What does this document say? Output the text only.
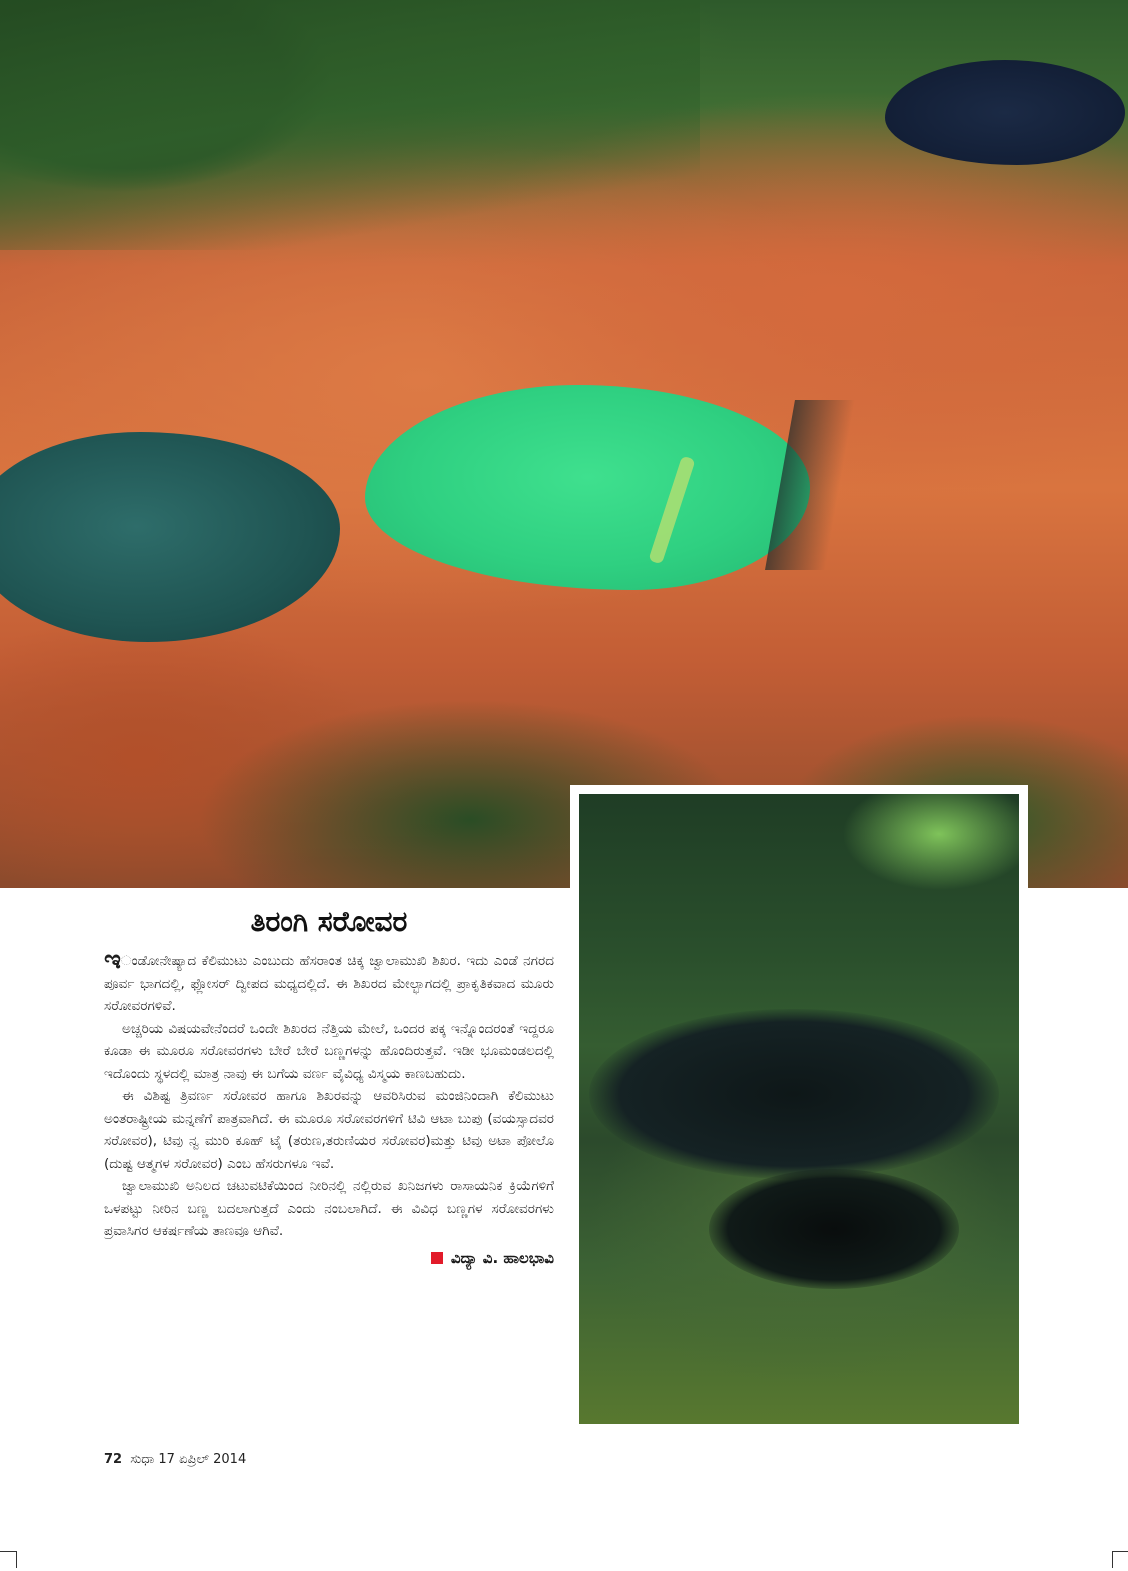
ತಿರಂಗಿ ಸರೋವರ

ಇಂಡೋನೇಷ್ಯಾದ ಕೆಲಿಮುಟು ಎಂಬುದು ಹೆಸರಾಂತ ಚಿಕ್ಕ ಜ್ವಾಲಾಮುಖಿ ಶಿಖರ. ಇದು ಎಂಡೆ ನಗರದ ಪೂರ್ವ ಭಾಗದಲ್ಲಿ, ಫ್ಲೋಸರ್ ದ್ವೀಪದ ಮಧ್ಯದಲ್ಲಿದೆ. ಈ ಶಿಖರದ ಮೇಲ್ಭಾಗದಲ್ಲಿ ಪ್ರಾಕೃತಿಕವಾದ ಮೂರು ಸರೋವರಗಳಿವೆ.

ಅಚ್ಚರಿಯ ವಿಷಯವೇನೆಂದರೆ ಒಂದೇ ಶಿಖರದ ನೆತ್ತಿಯ ಮೇಲೆ, ಒಂದರ ಪಕ್ಕ ಇನ್ನೊಂದರಂತೆ ಇದ್ದರೂ ಕೂಡಾ ಈ ಮೂರೂ ಸರೋವರಗಳು ಬೇರೆ ಬೇರೆ ಬಣ್ಣಗಳನ್ನು ಹೊಂದಿರುತ್ತವೆ. ಇಡೀ ಭೂಮಂಡಲದಲ್ಲಿ ಇದೊಂದು ಸ್ಥಳದಲ್ಲಿ ಮಾತ್ರ ನಾವು ಈ ಬಗೆಯ ವರ್ಣ ವೈವಿಧ್ಯ ವಿಸ್ಮಯ ಕಾಣಬಹುದು.

ಈ ವಿಶಿಷ್ಟ ತ್ರಿವರ್ಣ ಸರೋವರ ಹಾಗೂ ಶಿಖರವನ್ನು ಆವರಿಸಿರುವ ಮಂಜಿನಿಂದಾಗಿ ಕೆಲಿಮುಟು ಅಂತರಾಷ್ಟ್ರೀಯ ಮನ್ನಣೆಗೆ ಪಾತ್ರವಾಗಿದೆ. ಈ ಮೂರೂ ಸರೋವರಗಳಿಗೆ ಟಿವಿ ಆಟಾ ಬುಪು (ವಯಸ್ಸಾದವರ ಸರೋವರ), ಟಿವು ನ್ವ ಮುರಿ ಕೂಹ್ ಟೈ (ತರುಣ,ತರುಣಿಯರ ಸರೋವರ)ಮತ್ತು ಟಿವು ಅಟಾ ಪೋಲೊ (ದುಷ್ಟ ಆತ್ಮಗಳ ಸರೋವರ) ಎಂಬ ಹೆಸರುಗಳೂ ಇವೆ.

ಜ್ವಾಲಾಮುಖಿ ಅನಿಲದ ಚಟುವಟಿಕೆಯಿಂದ ನೀರಿನಲ್ಲಿ ನಲ್ಲಿರುವ ಖನಿಜಗಳು ರಾಸಾಯನಿಕ ಕ್ರಿಯೆಗಳಿಗೆ ಒಳಪಟ್ಟು ನೀರಿನ ಬಣ್ಣ ಬದಲಾಗುತ್ತದೆ ಎಂದು ನಂಬಲಾಗಿದೆ. ಈ ವಿವಿಧ ಬಣ್ಣಗಳ ಸರೋವರಗಳು ಪ್ರವಾಸಿಗರ ಆಕರ್ಷಣೆಯ ತಾಣವೂ ಆಗಿವೆ.

ವಿದ್ಯಾ ವಿ. ಹಾಲಭಾವಿ
72 ಸುಧಾ 17 ಏಪ್ರಿಲ್ 2014
